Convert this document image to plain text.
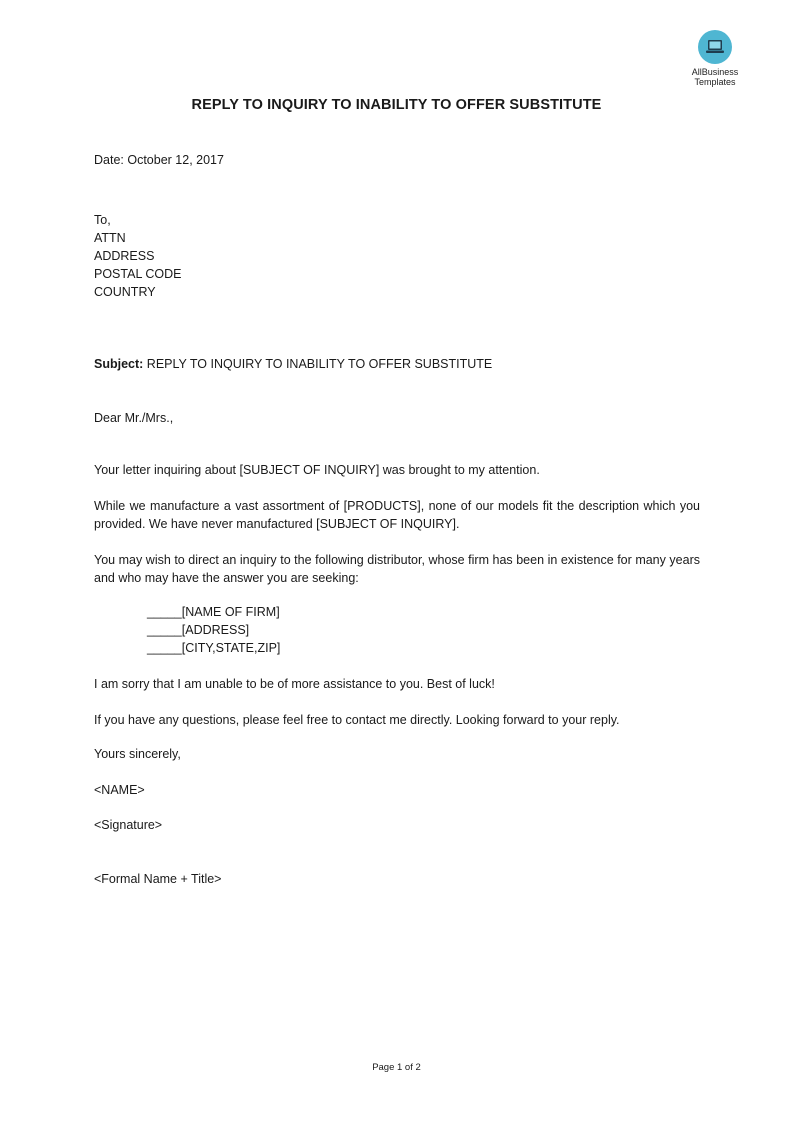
AllBusiness
Templates
REPLY TO INQUIRY TO INABILITY TO OFFER SUBSTITUTE
Date: October 12, 2017
To,
ATTN
ADDRESS
POSTAL CODE
COUNTRY
Subject: REPLY TO INQUIRY TO INABILITY TO OFFER SUBSTITUTE
Dear Mr./Mrs.,
Your letter inquiring about [SUBJECT OF INQUIRY] was brought to my attention.
While we manufacture a vast assortment of [PRODUCTS], none of our models fit the description which you provided. We have never manufactured [SUBJECT OF INQUIRY].
You may wish to direct an inquiry to the following distributor, whose firm has been in existence for many years and who may have the answer you are seeking:
_____[NAME OF FIRM]
_____[ADDRESS]
_____[CITY,STATE,ZIP]
I am sorry that I am unable to be of more assistance to you. Best of luck!
If you have any questions, please feel free to contact me directly. Looking forward to your reply.
Yours sincerely,
<NAME>
<Signature>
<Formal Name + Title>
Page 1 of 2
